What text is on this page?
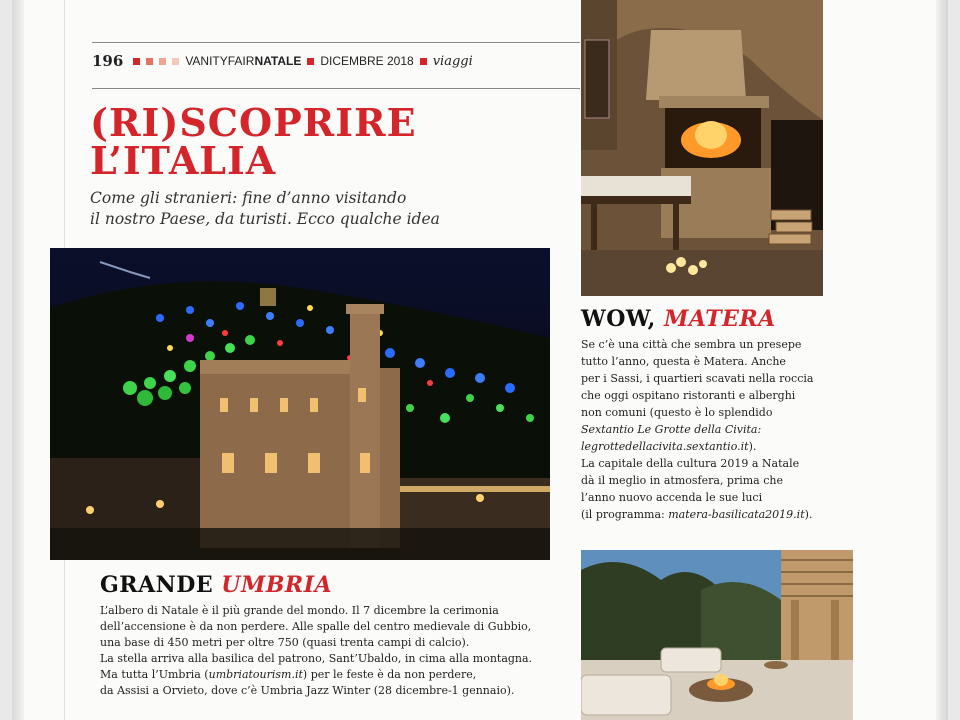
196	VANITYFAIRNATALE DICEMBRE 2018 viaggi
(RI)SCOPRIRE
L’ITALIA

Come gli stranieri: fine d’anno visitando
il nostro Paese, da turisti. Ecco qualche idea

GRANDE UMBRIA

L’albero di Natale è il più grande del mondo. Il 7 dicembre la cerimonia

dell’accensione è da non perdere. Alle spalle del centro medievale di Gubbio,

una base di 450 metri per oltre 750 (quasi trenta campi di calcio).

La stella arriva alla basilica del patrono, Sant’Ubaldo, in cima alla montagna.

Ma tutta l’Umbria (umbriatourism.it) per le feste è da non perdere,

da Assisi a Orvieto, dove c’è Umbria Jazz Winter (28 dicembre-1 gennaio).

WOW, MATERA

Se c’è una città che sembra un presepe

tutto l’anno, questa è Matera. Anche

per i Sassi, i quartieri scavati nella roccia

che oggi ospitano ristoranti e alberghi

non comuni (questo è lo splendido

Sextantio Le Grotte della Civita:

legrottedellacivita.sextantio.it).

La capitale della cultura 2019 a Natale

dà il meglio in atmosfera, prima che

l’anno nuovo accenda le sue luci

(il programma: matera-basilicata2019.it).
